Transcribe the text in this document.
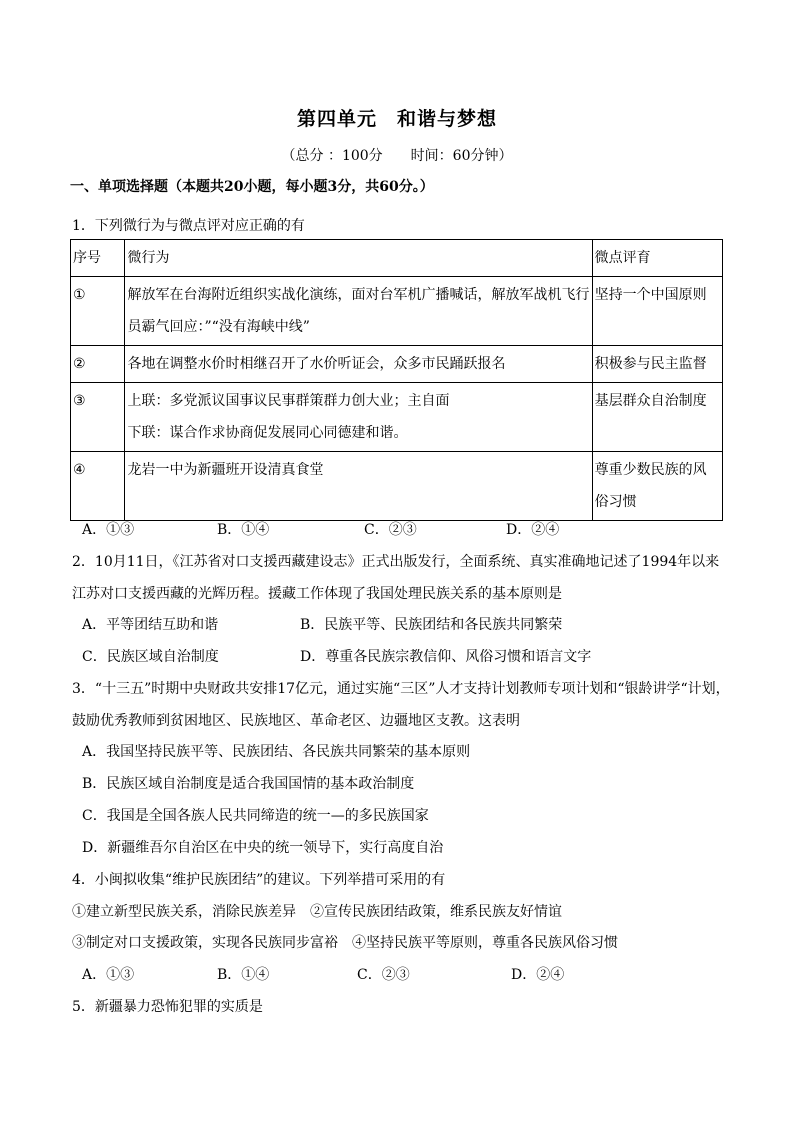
第四单元　和谐与梦想
（总分 ：100分　　时间：60分钟）
一、单项选择题（本题共20小题，每小题3分，共60分。）
1．下列微行为与微点评对应正确的有
序号	微行为	微点评育
①	解放军在台海附近组织实战化演练，面对台军机广播喊话，解放军战机飞行
员霸气回应：”“没有海峡中线”	坚持一个中国原则

②	各地在调整水价时相继召开了水价听证会，众多市民踊跃报名	积极参与民主监督

③	上联：多党派议国事议民事群策群力创大业；主自面
下联：谋合作求协商促发展同心同德建和谐。	基层群众自治制度

④	龙岩一中为新疆班开设清真食堂	尊重少数民族的风
俗习惯
A．①③	B．①④	C．②③	D．②④
2．10月11日，《江苏省对口支援西藏建设志》正式出版发行，全面系统、真实准确地记述了1994年以来
江苏对口支援西藏的光辉历程。援藏工作体现了我国处理民族关系的基本原则是
A．平等团结互助和谐	B．民族平等、民族团结和各民族共同繁荣
C．民族区域自治制度	D．尊重各民族宗教信仰、风俗习惯和语言文字
3．“十三五”时期中央财政共安排17亿元，通过实施“三区”人才支持计划教师专项计划和“银龄讲学“计划，
鼓励优秀教师到贫困地区、民族地区、革命老区、边疆地区支教。这表明
A．我国坚持民族平等、民族团结、各民族共同繁荣的基本原则
B．民族区域自治制度是适合我国国情的基本政治制度
C．我国是全国各族人民共同缔造的统一—的多民族国家
D．新疆维吾尔自治区在中央的统一领导下，实行高度自治
4．小闽拟收集“维护民族团结”的建议。下列举措可采用的有
①建立新型民族关系，消除民族差异　②宣传民族团结政策，维系民族友好情谊
③制定对口支援政策，实现各民族同步富裕　④坚持民族平等原则，尊重各民族风俗习惯
A．①③	B．①④	C．②③	D．②④
5．新疆暴力恐怖犯罪的实质是
